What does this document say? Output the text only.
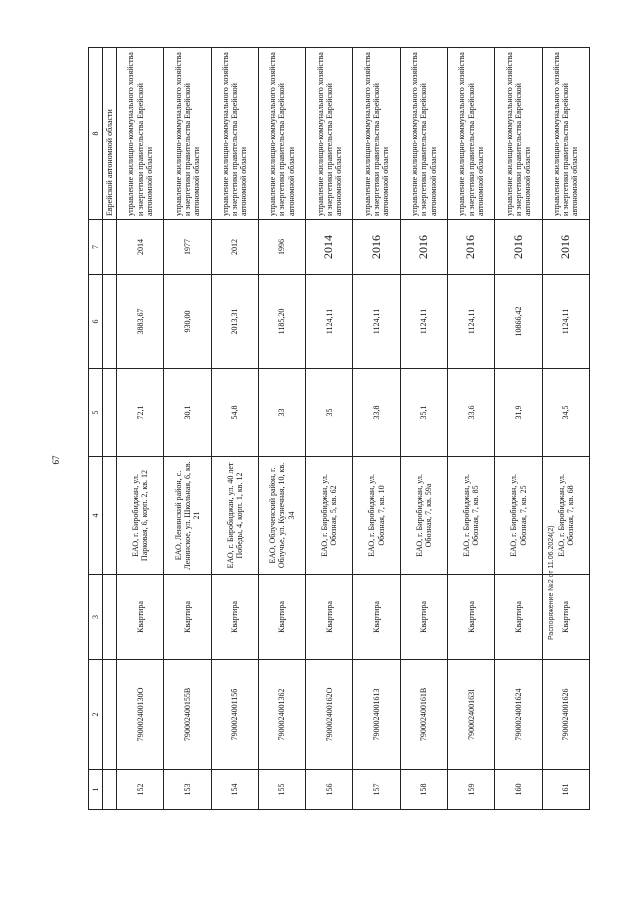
67
1	2	3	4	5	6	7	8
							Еврейской автономной области
152	790002400130О	Квартира	ЕАО, г. Биробиджан, ул. Парковая, 6, корп. 2, кв. 12	72,1	3883,67	2014	управление жилищно-коммунального хозяйства и энергетики правительства Еврейской автономной области
153	790002400155В	Квартира	ЕАО, Ленинский район, с. Ленинское, ул. Школьная, 6, кв. 21	30,1	930,00	1977	управление жилищно-коммунального хозяйства и энергетики правительства Еврейской автономной области
154	790002400115б	Квартира	ЕАО, г. Биробиджан, ул. 40 лет Победы, 4, корп. 1, кв. 12	54,8	2013,31	2012	управление жилищно-коммунального хозяйства и энергетики правительства Еврейской автономной области
155	7900024001362	Квартира	ЕАО, Облученский район, г. Облучье, ул. Кузнечная, 10, кв. 34	33	1185,20	1996	управление жилищно-коммунального хозяйства и энергетики правительства Еврейской автономной области
156	790002400162О	Квартира	ЕАО, г. Биробиджан, ул. Обозная, 5, кв. 62	35	1124,11	2014	управление жилищно-коммунального хозяйства и энергетики правительства Еврейской автономной области
157	790002400161З	Квартира	ЕАО, г. Биробиджан, ул. Обозная, 7, кв. 10	33,8	1124,11	2016	управление жилищно-коммунального хозяйства и энергетики правительства Еврейской автономной области
158	790002400161В	Квартира	ЕАО, г. Биробиджан, ул. Обозная, 7, кв. 59а	35,1	1124,11	2016	управление жилищно-коммунального хозяйства и энергетики правительства Еврейской автономной области
159	790002400163I	Квартира	ЕАО, г. Биробиджан, ул. Обозная, 7, кв. 85	33,6	1124,11	2016	управление жилищно-коммунального хозяйства и энергетики правительства Еврейской автономной области
160	7900024001624	Квартира	ЕАО, г. Биробиджан, ул. Обозная, 7, кв. 25	31,9	10866,42	2016	управление жилищно-коммунального хозяйства и энергетики правительства Еврейской автономной области
161	7900024001626	Квартира	ЕАО, г. Биробиджан, ул. Обозная, 7, кв. 68	34,5	1124,11	2016	управление жилищно-коммунального хозяйства и энергетики правительства Еврейской автономной области
Распоряжение №2 от 11.06.2024(2)
